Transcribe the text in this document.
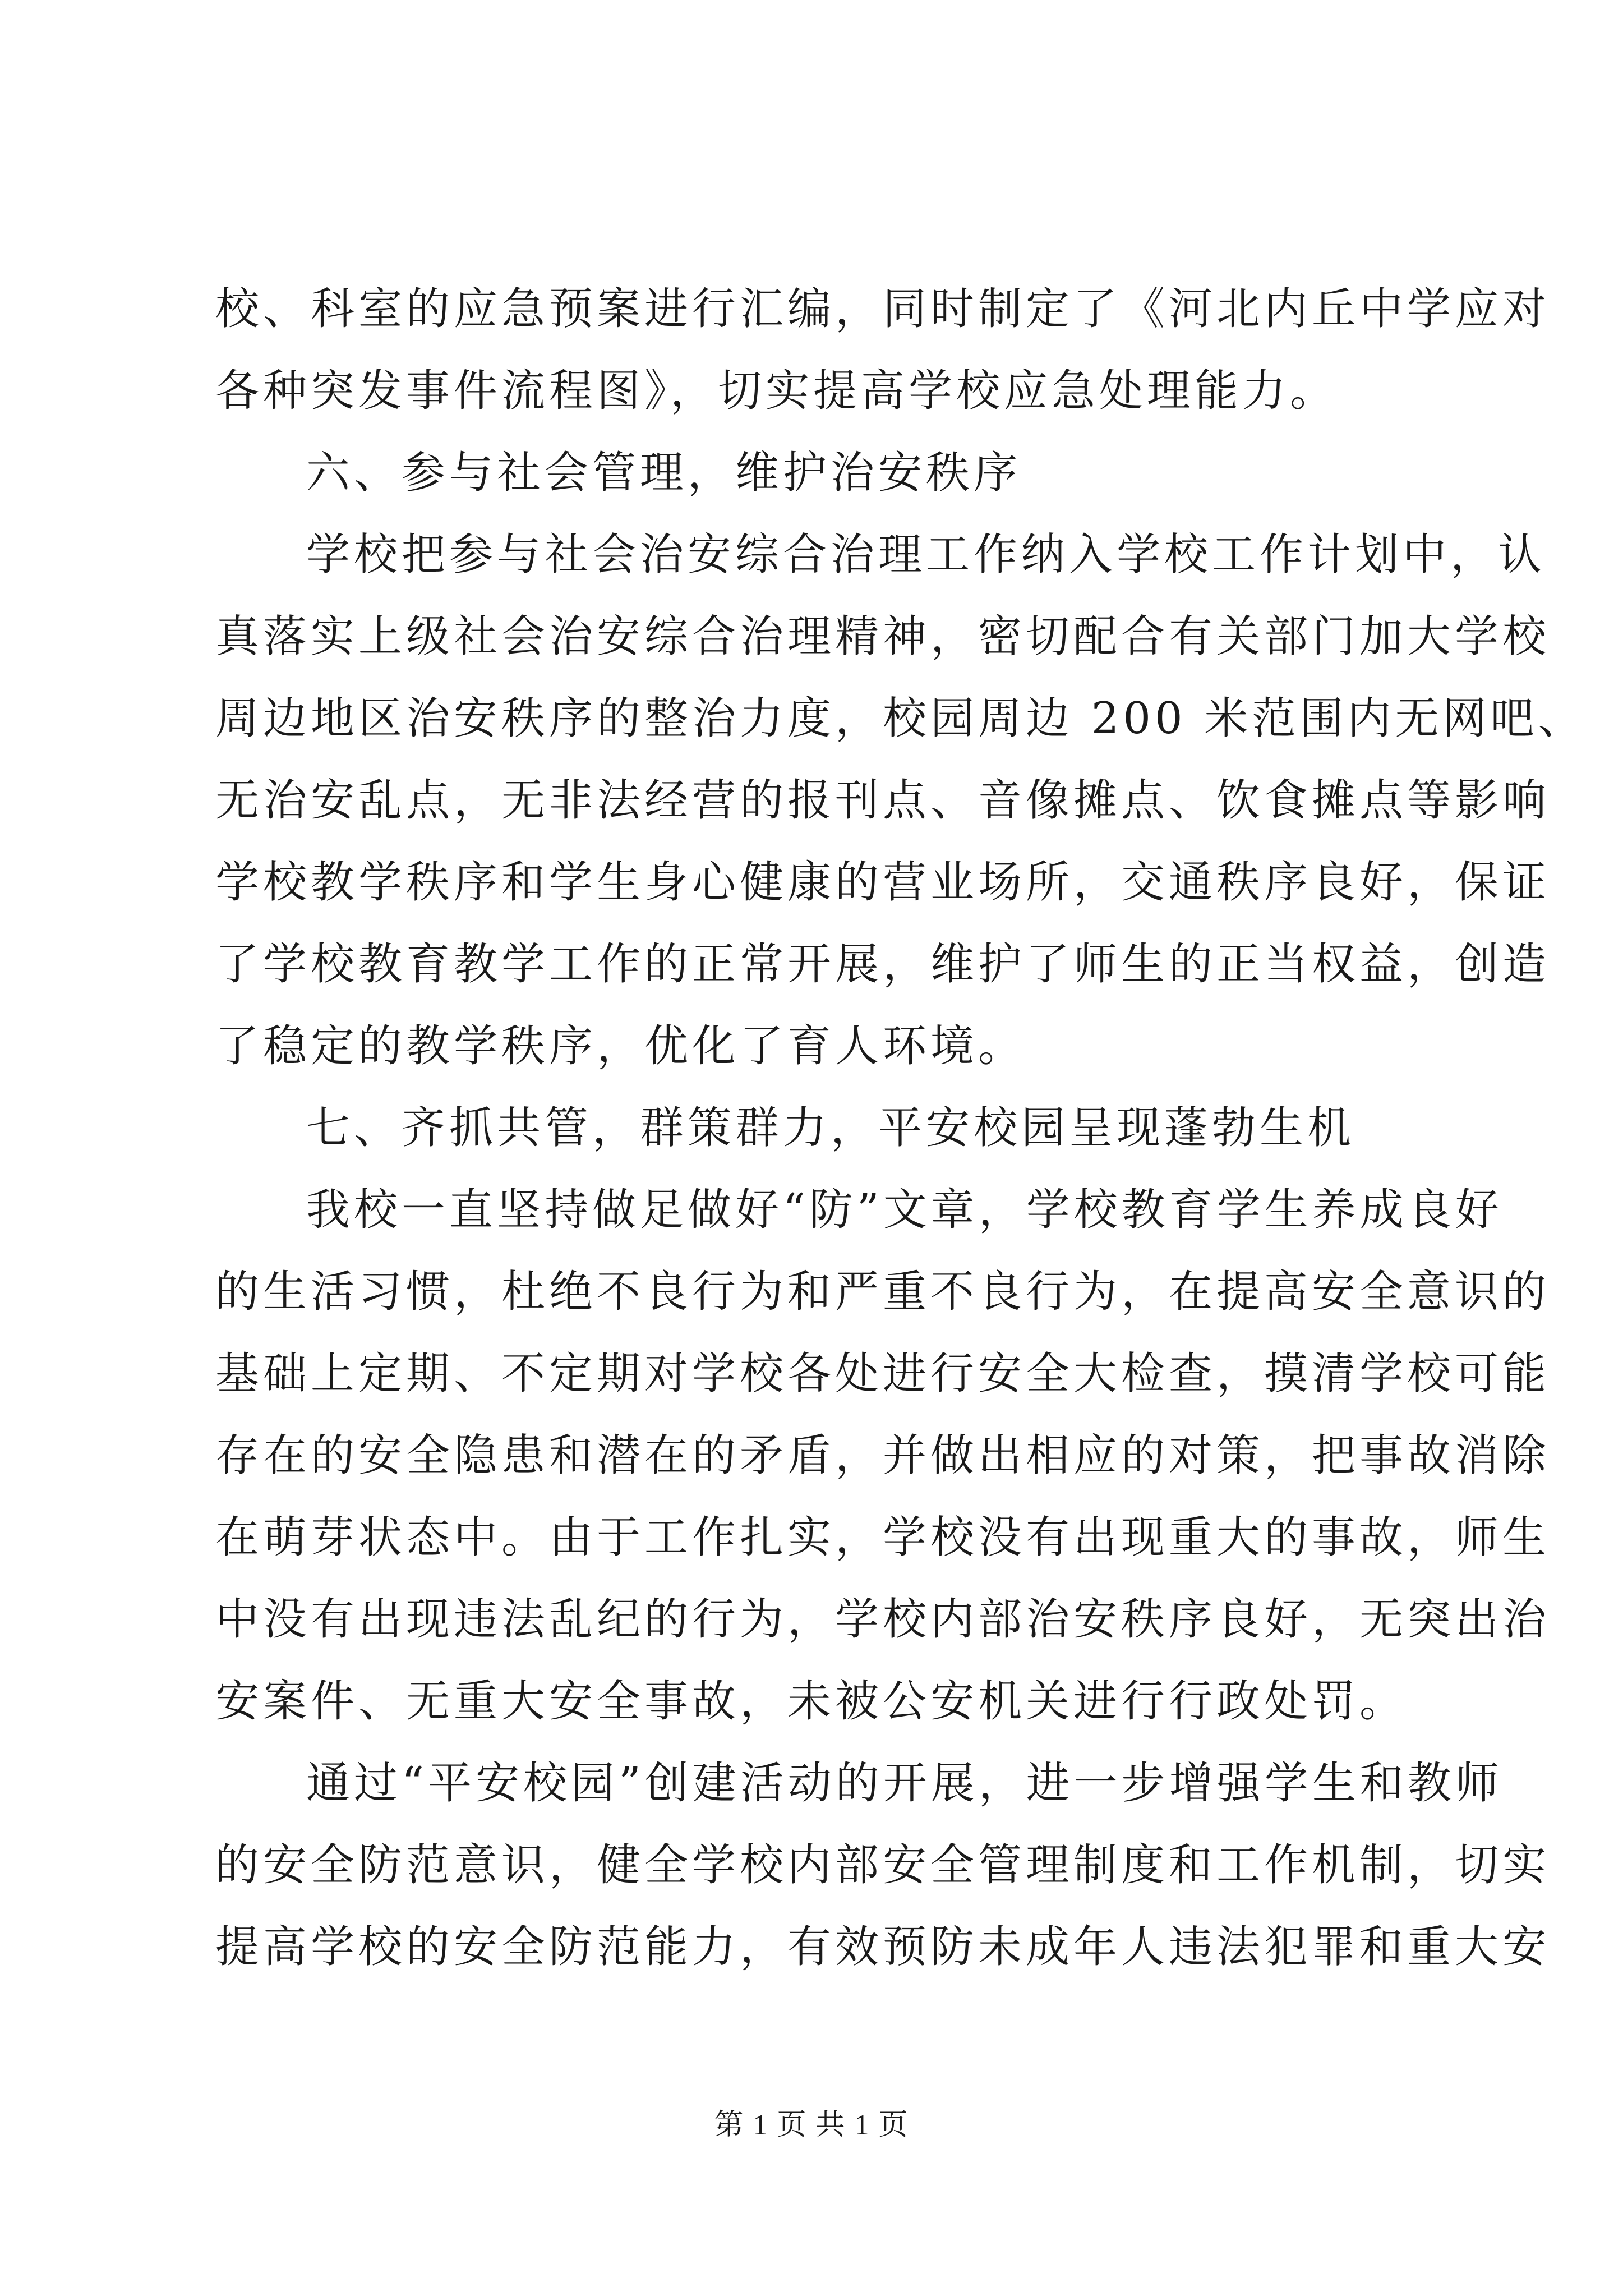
校、科室的应急预案进行汇编，同时制定了《河北内丘中学应对
各种突发事件流程图》，切实提高学校应急处理能力。
六、参与社会管理，维护治安秩序
学校把参与社会治安综合治理工作纳入学校工作计划中，认
真落实上级社会治安综合治理精神，密切配合有关部门加大学校
周边地区治安秩序的整治力度，校园周边 200 米范围内无网吧、
无治安乱点，无非法经营的报刊点、音像摊点、饮食摊点等影响
学校教学秩序和学生身心健康的营业场所，交通秩序良好，保证
了学校教育教学工作的正常开展，维护了师生的正当权益，创造
了稳定的教学秩序，优化了育人环境。
七、齐抓共管，群策群力，平安校园呈现蓬勃生机
我校一直坚持做足做好“防”文章，学校教育学生养成良好
的生活习惯，杜绝不良行为和严重不良行为，在提高安全意识的
基础上定期、不定期对学校各处进行安全大检查，摸清学校可能
存在的安全隐患和潜在的矛盾，并做出相应的对策，把事故消除
在萌芽状态中。由于工作扎实，学校没有出现重大的事故，师生
中没有出现违法乱纪的行为，学校内部治安秩序良好，无突出治
安案件、无重大安全事故，未被公安机关进行行政处罚。
通过“平安校园”创建活动的开展，进一步增强学生和教师
的安全防范意识，健全学校内部安全管理制度和工作机制，切实
提高学校的安全防范能力，有效预防未成年人违法犯罪和重大安
第 1 页 共 1 页
